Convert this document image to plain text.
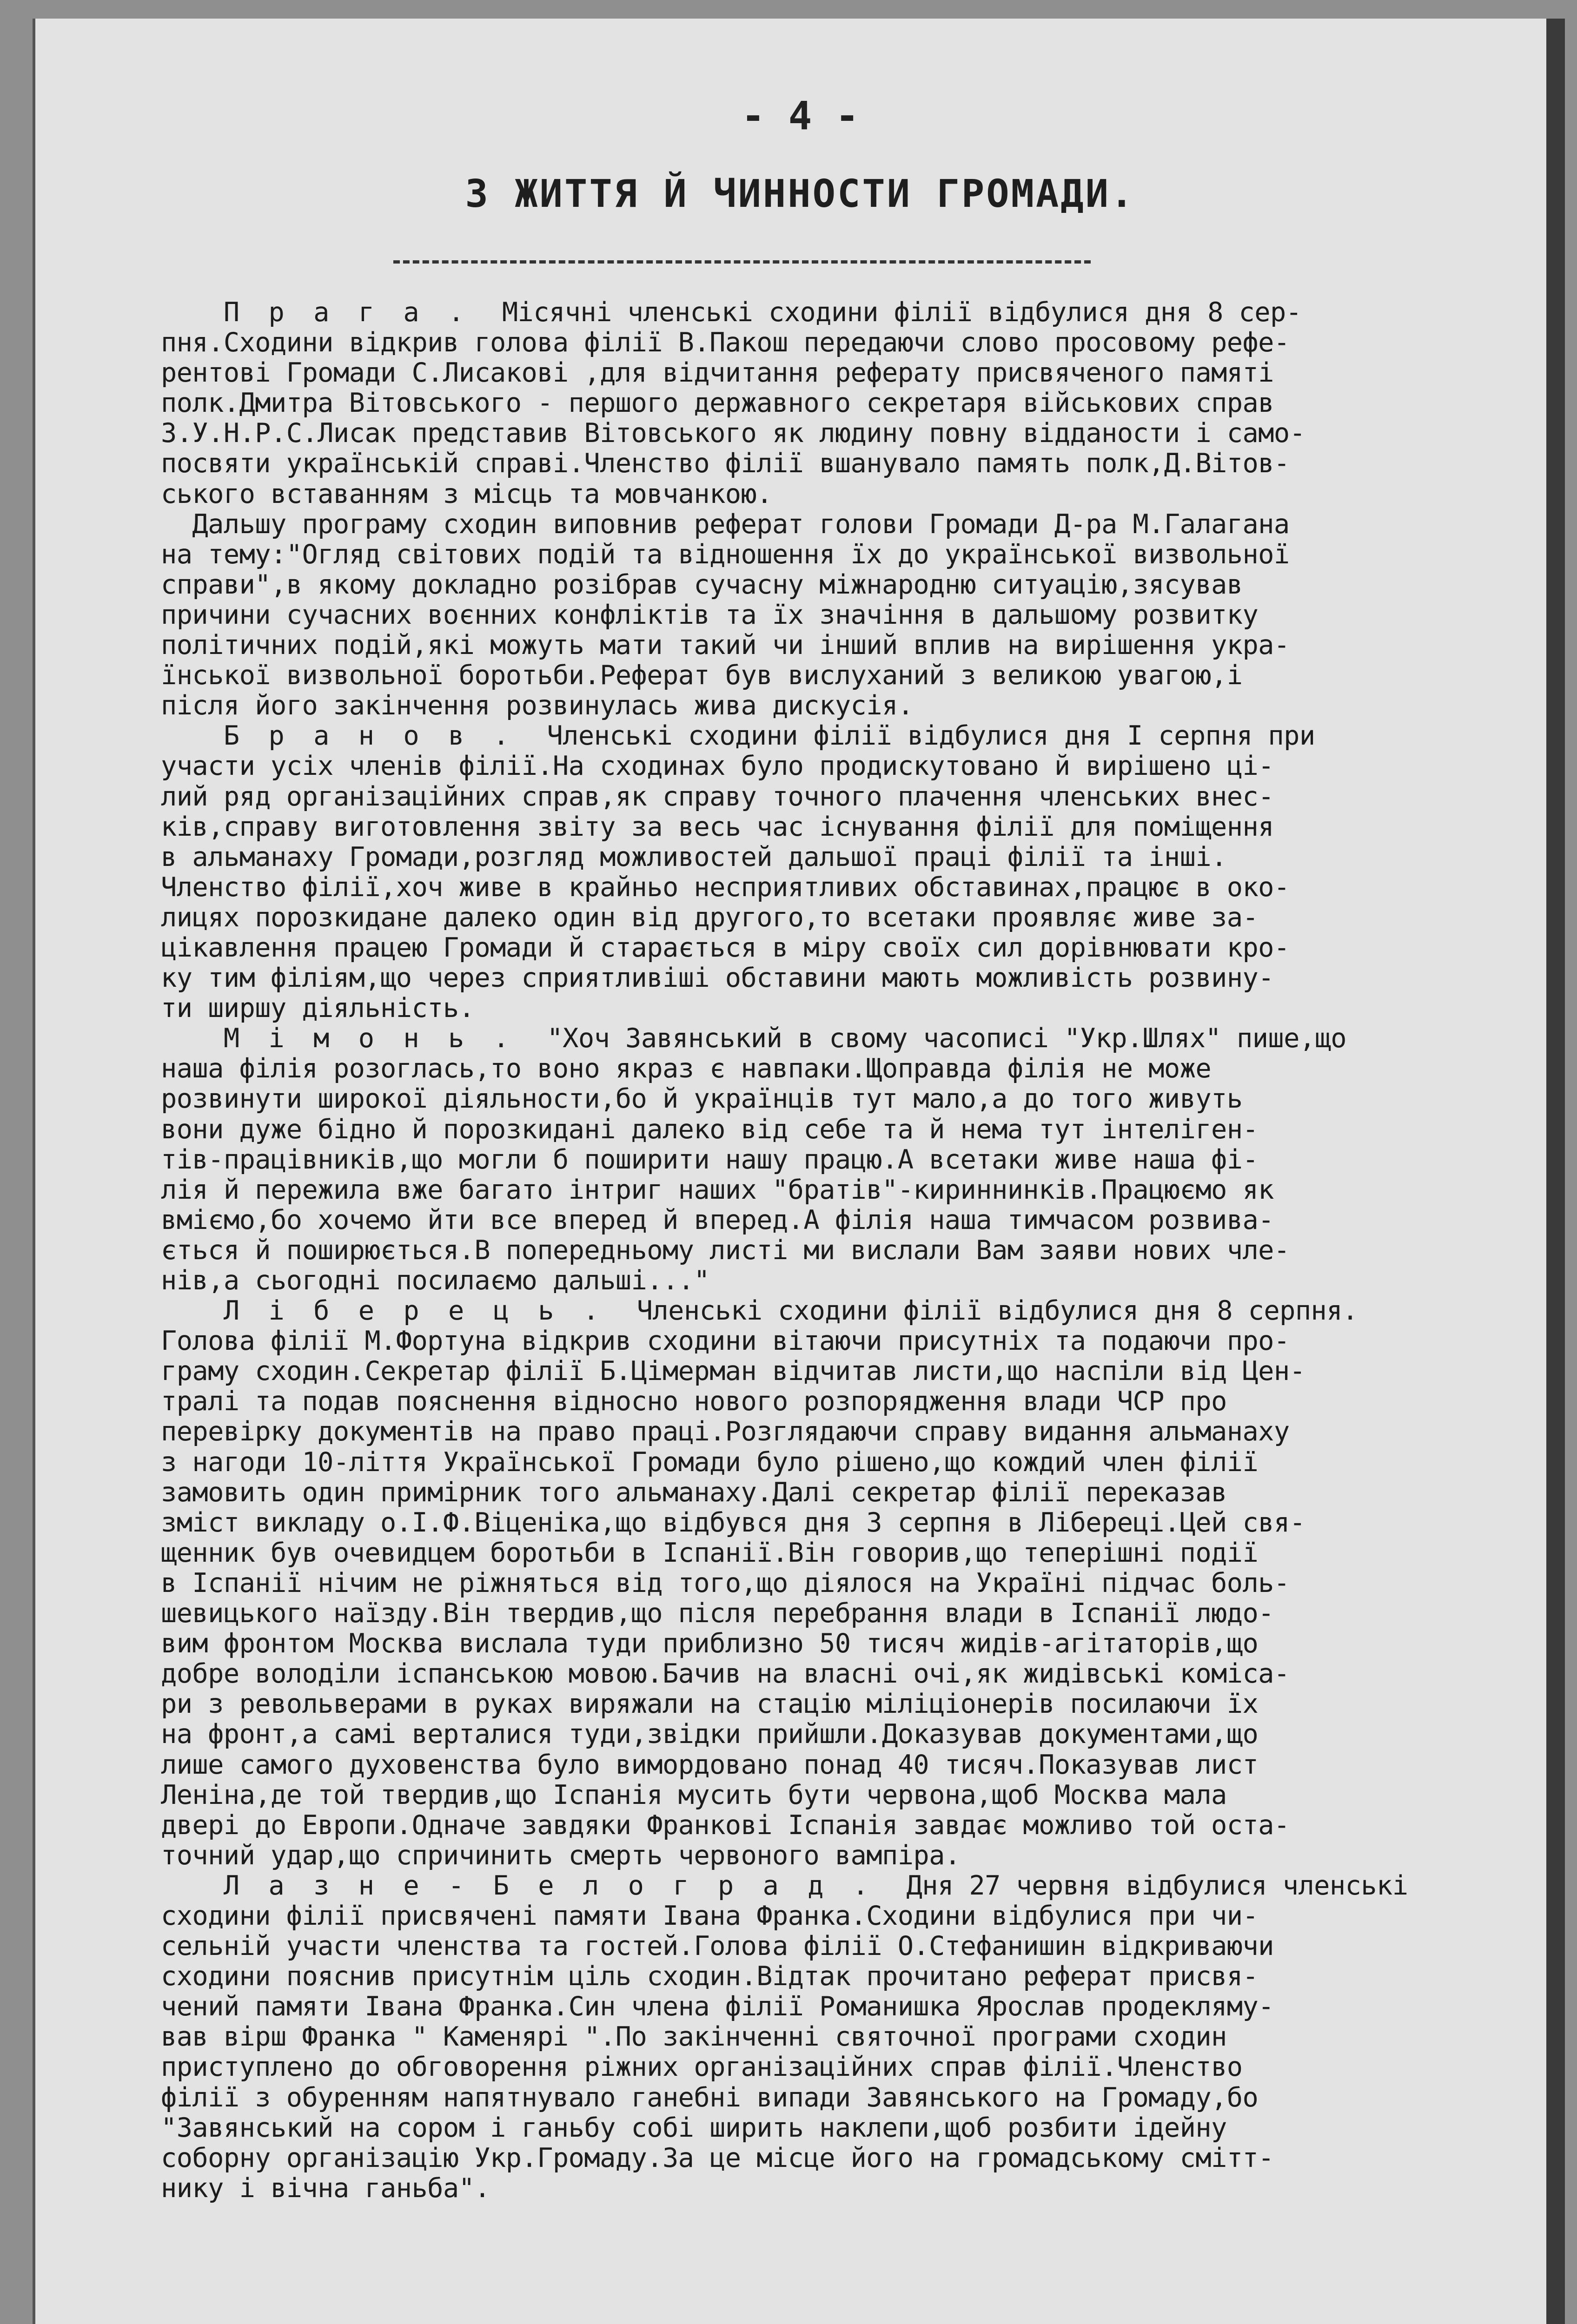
- 4 -
З ЖИТТЯ Й ЧИННОСТИ ГРОМАДИ.
П р а г а . Місячні членські сходини філії відбулися дня 8 сер-
пня.Сходини відкрив голова філії В.Пакош передаючи слово просовому рефе-
рентові Громади С.Лисакові ,для відчитання реферату присвяченого памяті
полк.Дмитра Вітовського - першого державного секретаря військових справ
З.У.Н.Р.С.Лисак представив Вітовського як людину повну відданости і само-
посвяти українській справі.Членство філії вшанувало память полк,Д.Вітов-
ського вставанням з місць та мовчанкою.
Дальшу програму сходин виповнив реферат голови Громади Д-ра М.Галагана
на тему:"Огляд світових подій та відношення їх до української визвольної
справи",в якому докладно розібрав сучасну міжнародню ситуацію,зясував
причини сучасних воєнних конфліктів та їх значіння в дальшому розвитку
політичних подій,які можуть мати такий чи інший вплив на вирішення укра-
їнської визвольної боротьби.Реферат був вислуханий з великою увагою,і
після його закінчення розвинулась жива дискусія.
Б р а н о в . Членські сходини філії відбулися дня І серпня при
участи усіх членів філії.На сходинах було продискутовано й вирішено ці-
лий ряд організаційних справ,як справу точного плачення членських внес-
ків,справу виготовлення звіту за весь час існування філії для поміщення
в альманаху Громади,розгляд можливостей дальшої праці філії та інші.
Членство філії,хоч живе в крайньо несприятливих обставинах,працює в око-
лицях порозкидане далеко один від другого,то всетаки проявляє живе за-
цікавлення працею Громади й старається в міру своїх сил дорівнювати кро-
ку тим філіям,що через сприятливіші обставини мають можливість розвину-
ти ширшу діяльність.
М і м о н ь . "Хоч Завянський в свому часописі "Укр.Шлях" пише,що
наша філія розоглась,то воно якраз є навпаки.Щоправда філія не може
розвинути широкої діяльности,бо й українців тут мало,а до того живуть
вони дуже бідно й порозкидані далеко від себе та й нема тут інтеліген-
тів-працівників,що могли б поширити нашу працю.А всетаки живе наша фі-
лія й пережила вже багато інтриг наших "братів"-кириннинків.Працюємо як
вміємо,бо хочемо йти все вперед й вперед.А філія наша тимчасом розвива-
ється й поширюється.В попередньому листі ми вислали Вам заяви нових чле-
нів,а сьогодні посилаємо дальші..."
Л і б е р е ц ь . Членські сходини філії відбулися дня 8 серпня.
Голова філії М.Фортуна відкрив сходини вітаючи присутніх та подаючи про-
граму сходин.Секретар філії Б.Цімерман відчитав листи,що наспіли від Цен-
тралі та подав пояснення відносно нового розпорядження влади ЧСР про
перевірку документів на право праці.Розглядаючи справу видання альманаху
з нагоди 10-ліття Української Громади було рішено,що кождий член філії
замовить один примірник того альманаху.Далі секретар філії переказав
зміст викладу о.І.Ф.Віценіка,що відбувся дня 3 серпня в Лібереці.Цей свя-
щенник був очевидцем боротьби в Іспанії.Він говорив,що теперішні події
в Іспанії нічим не ріжняться від того,що діялося на Україні підчас боль-
шевицького наїзду.Він твердив,що після перебрання влади в Іспанії людо-
вим фронтом Москва вислала туди приблизно 50 тисяч жидів-агітаторів,що
добре володіли іспанською мовою.Бачив на власні очі,як жидівські коміса-
ри з револьверами в руках виряжали на стацію міліціонерів посилаючи їх
на фронт,а самі верталися туди,звідки прийшли.Доказував документами,що
лише самого духовенства було вимордовано понад 40 тисяч.Показував лист
Леніна,де той твердив,що Іспанія мусить бути червона,щоб Москва мала
двері до Европи.Одначе завдяки Франкові Іспанія завдає можливо той оста-
точний удар,що спричинить смерть червоного вампіра.
Л а з н е - Б е л о г р а д . Дня 27 червня відбулися членські
сходини філії присвячені памяти Івана Франка.Сходини відбулися при чи-
сельній участи членства та гостей.Голова філії О.Стефанишин відкриваючи
сходини пояснив присутнім ціль сходин.Відтак прочитано реферат присвя-
чений памяти Івана Франка.Син члена філії Романишка Ярослав продекляму-
вав вірш Франка " Каменярі ".По закінченні святочної програми сходин
приступлено до обговорення ріжних організаційних справ філії.Членство
філії з обуренням напятнувало ганебні випади Завянського на Громаду,бо
"Завянський на сором і ганьбу собі ширить наклепи,щоб розбити ідейну
соборну організацію Укр.Громаду.За це місце його на громадському смітт-
нику і вічна ганьба".
